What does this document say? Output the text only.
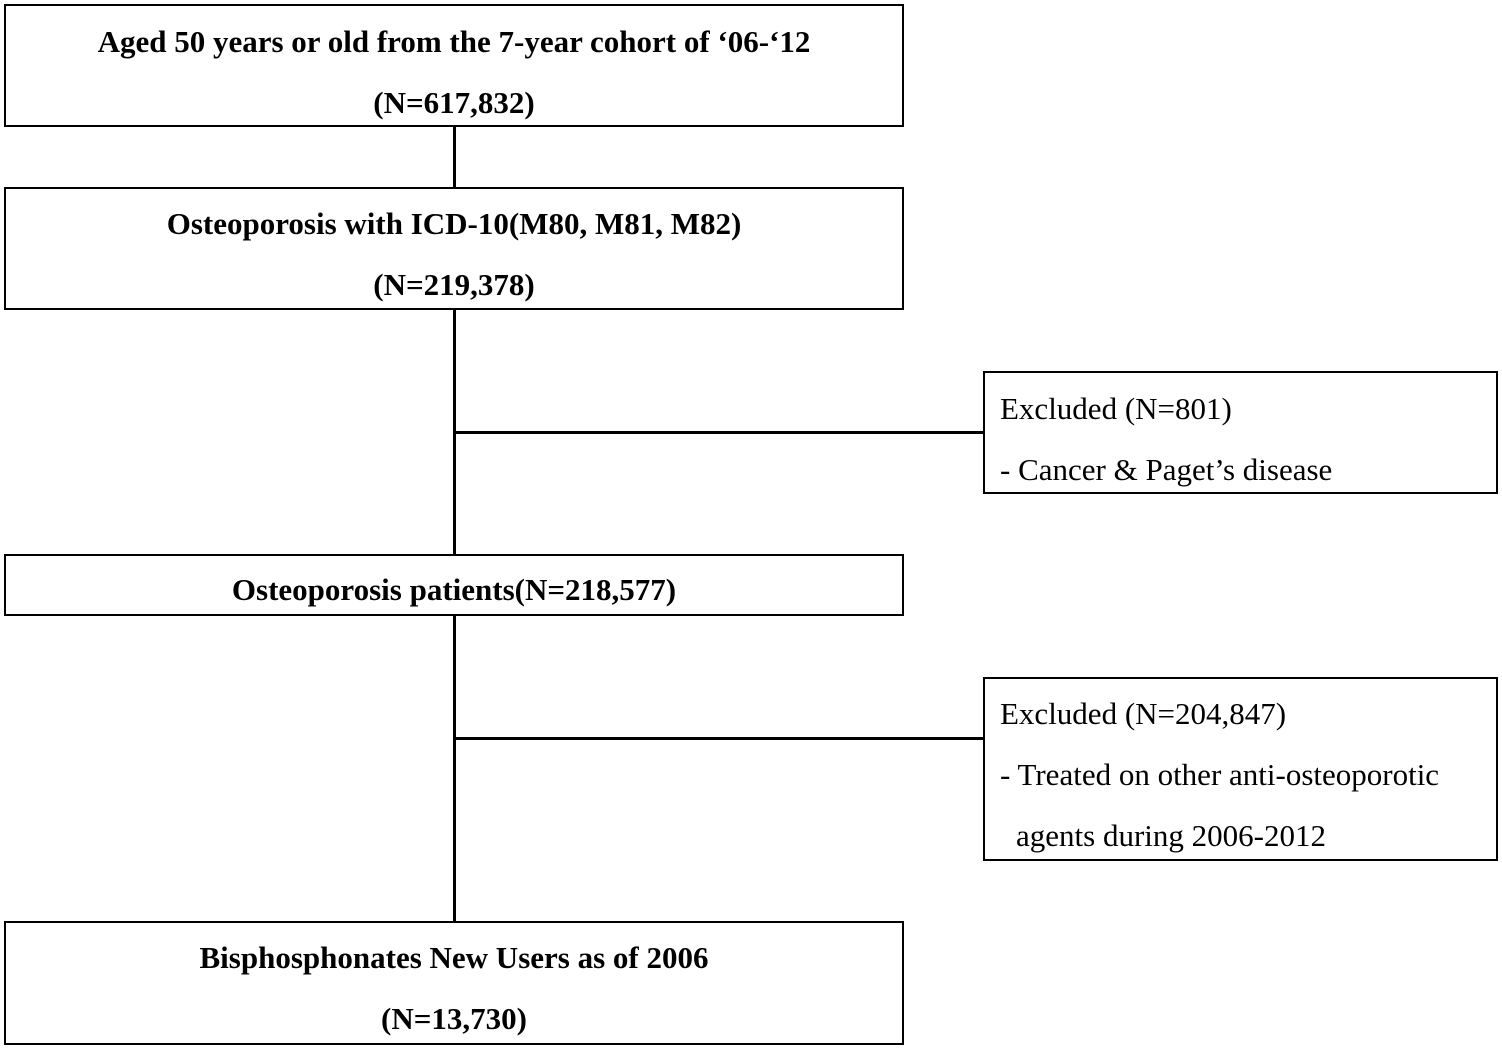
Aged 50 years or old from the 7-year cohort of ‘06-‘12
(N=617,832)
Osteoporosis with ICD-10(M80, M81, M82)
(N=219,378)
Excluded (N=801)
- Cancer & Paget’s disease
Osteoporosis patients(N=218,577)
Excluded (N=204,847)
- Treated on other anti-osteoporotic
agents during 2006-2012
Bisphosphonates New Users as of 2006
(N=13,730)
